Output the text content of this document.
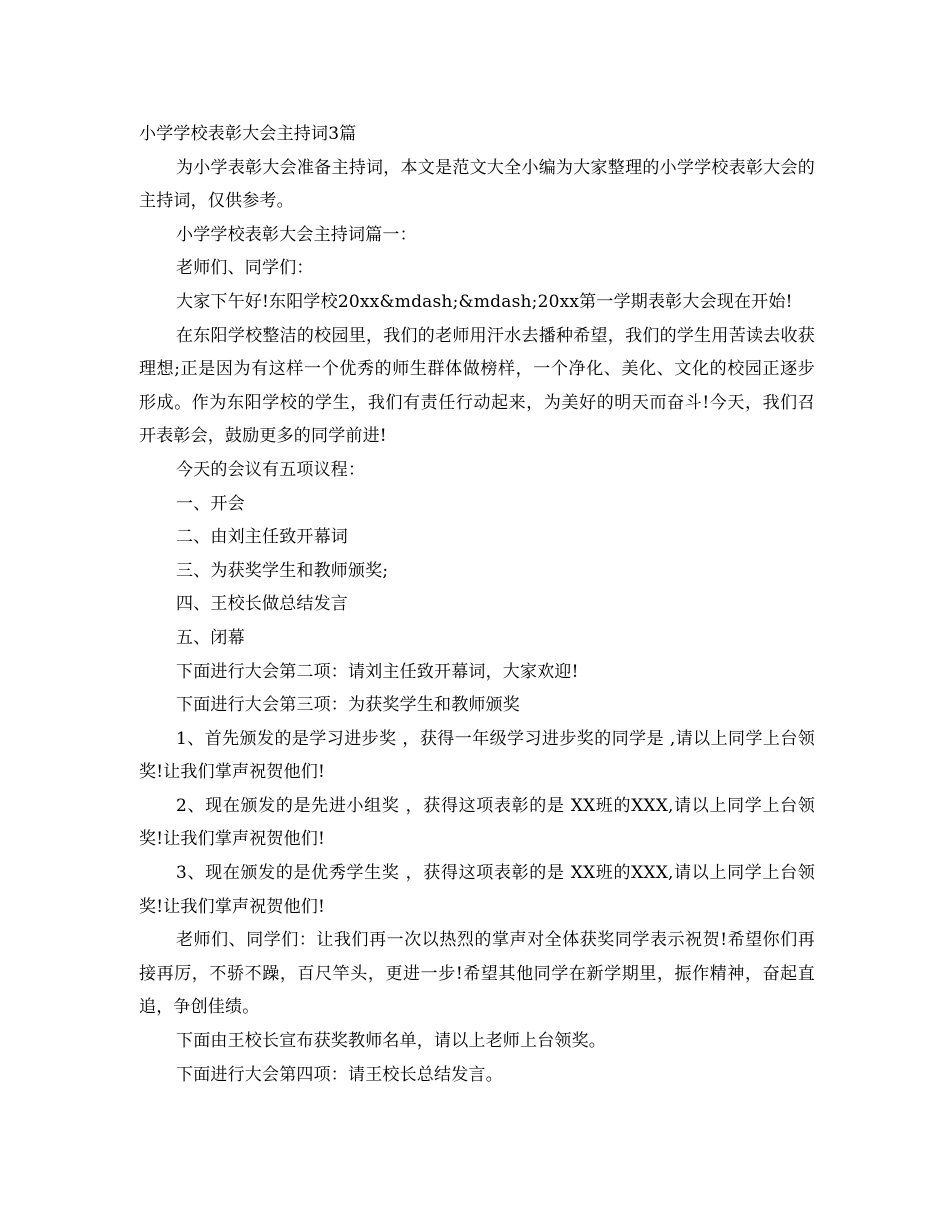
小学学校表彰大会主持词3篇

为小学表彰大会准备主持词，本文是范文大全小编为大家整理的小学学校表彰大会的主持词，仅供参考。

小学学校表彰大会主持词篇一：

老师们、同学们：

大家下午好!东阳学校20xx&mdash;&mdash;20xx第一学期表彰大会现在开始!

在东阳学校整洁的校园里，我们的老师用汗水去播种希望，我们的学生用苦读去收获理想;正是因为有这样一个优秀的师生群体做榜样，一个净化、美化、文化的校园正逐步形成。作为东阳学校的学生，我们有责任行动起来，为美好的明天而奋斗!今天，我们召开表彰会，鼓励更多的同学前进!

今天的会议有五项议程：

一、开会

二、由刘主任致开幕词

三、为获奖学生和教师颁奖;

四、王校长做总结发言

五、闭幕

下面进行大会第二项：请刘主任致开幕词，大家欢迎!

下面进行大会第三项：为获奖学生和教师颁奖

1、首先颁发的是学习进步奖 ，获得一年级学习进步奖的同学是 ,请以上同学上台领奖!让我们掌声祝贺他们!

2、现在颁发的是先进小组奖 ，获得这项表彰的是 XX班的XXX,请以上同学上台领奖!让我们掌声祝贺他们!

3、现在颁发的是优秀学生奖 ，获得这项表彰的是 XX班的XXX,请以上同学上台领奖!让我们掌声祝贺他们!

老师们、同学们：让我们再一次以热烈的掌声对全体获奖同学表示祝贺!希望你们再接再厉，不骄不躁，百尺竿头，更进一步!希望其他同学在新学期里，振作精神，奋起直追，争创佳绩。

下面由王校长宣布获奖教师名单，请以上老师上台领奖。

下面进行大会第四项：请王校长总结发言。
